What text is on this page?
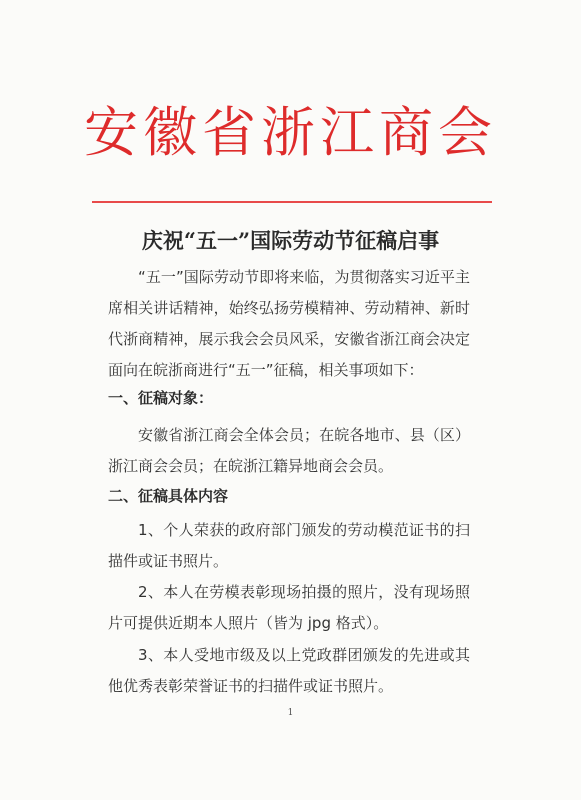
安徽省浙江商会
庆祝“五一”国际劳动节征稿启事

“五一”国际劳动节即将来临，为贯彻落实习近平主席相关讲话精神，始终弘扬劳模精神、劳动精神、新时代浙商精神，展示我会会员风采，安徽省浙江商会决定面向在皖浙商进行“五一”征稿，相关事项如下：

一、征稿对象：

安徽省浙江商会全体会员；在皖各地市、县（区）浙江商会会员；在皖浙江籍异地商会会员。

二、征稿具体内容

1、个人荣获的政府部门颁发的劳动模范证书的扫描件或证书照片。

2、本人在劳模表彰现场拍摄的照片，没有现场照片可提供近期本人照片（皆为 jpg 格式）。

3、本人受地市级及以上党政群团颁发的先进或其他优秀表彰荣誉证书的扫描件或证书照片。

1
